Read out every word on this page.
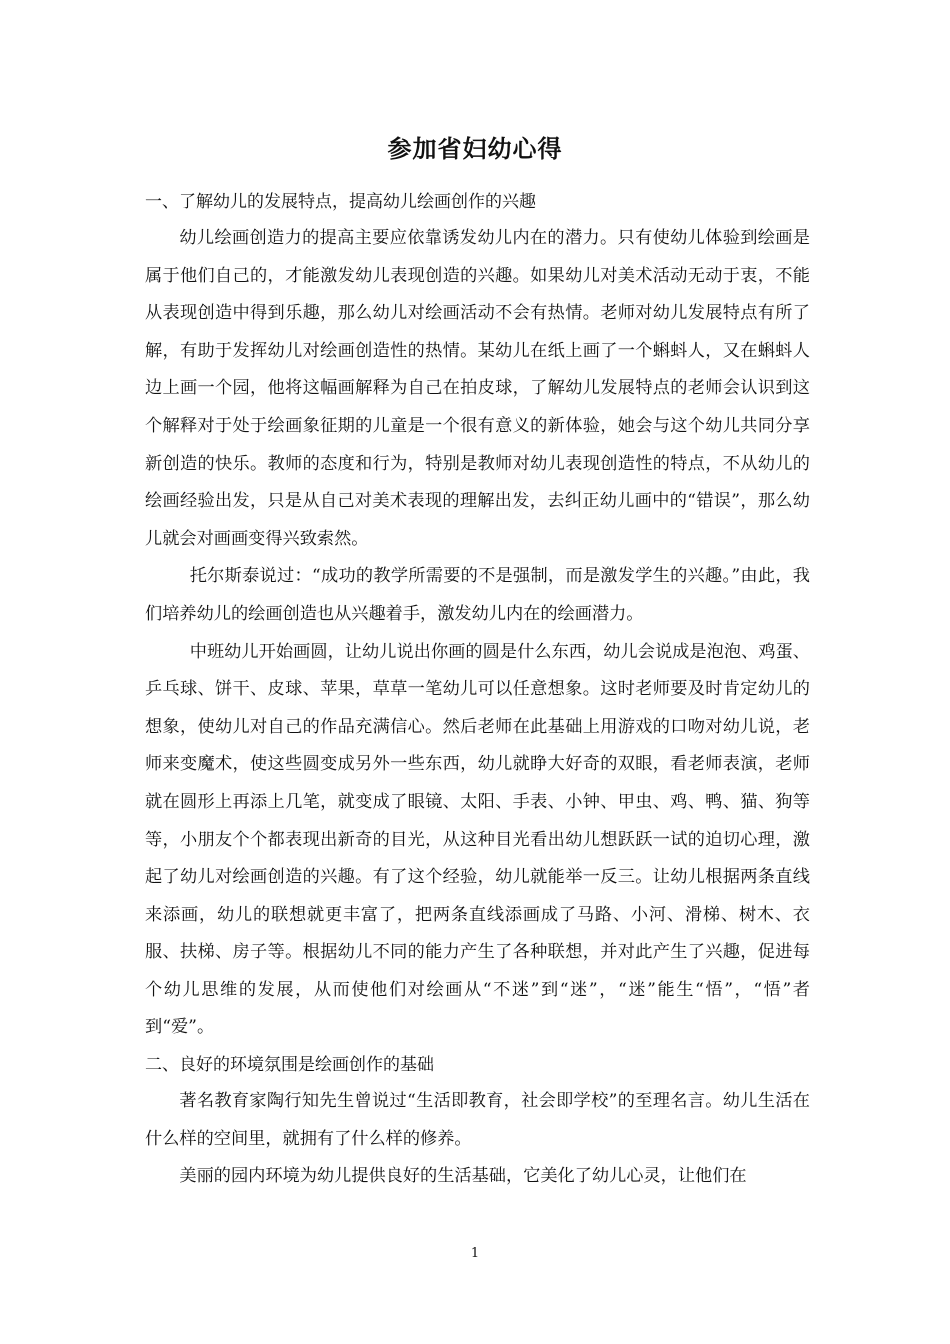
参加省妇幼心得

一、了解幼儿的发展特点，提高幼儿绘画创作的兴趣

幼儿绘画创造力的提高主要应依靠诱发幼儿内在的潜力。只有使幼儿体验到绘画是属于他们自己的，才能激发幼儿表现创造的兴趣。如果幼儿对美术活动无动于衷，不能从表现创造中得到乐趣，那么幼儿对绘画活动不会有热情。老师对幼儿发展特点有所了解，有助于发挥幼儿对绘画创造性的热情。某幼儿在纸上画了一个蝌蚪人，又在蝌蚪人边上画一个园，他将这幅画解释为自己在拍皮球，了解幼儿发展特点的老师会认识到这个解释对于处于绘画象征期的儿童是一个很有意义的新体验，她会与这个幼儿共同分享新创造的快乐。教师的态度和行为，特别是教师对幼儿表现创造性的特点，不从幼儿的绘画经验出发，只是从自己对美术表现的理解出发，去纠正幼儿画中的“错误”，那么幼儿就会对画画变得兴致索然。

托尔斯泰说过：“成功的教学所需要的不是强制，而是激发学生的兴趣。”由此，我们培养幼儿的绘画创造也从兴趣着手，激发幼儿内在的绘画潜力。

中班幼儿开始画圆，让幼儿说出你画的圆是什么东西，幼儿会说成是泡泡、鸡蛋、乒乓球、饼干、皮球、苹果，草草一笔幼儿可以任意想象。这时老师要及时肯定幼儿的想象，使幼儿对自己的作品充满信心。然后老师在此基础上用游戏的口吻对幼儿说，老师来变魔术，使这些圆变成另外一些东西，幼儿就睁大好奇的双眼，看老师表演，老师就在圆形上再添上几笔，就变成了眼镜、太阳、手表、小钟、甲虫、鸡、鸭、猫、狗等等，小朋友个个都表现出新奇的目光，从这种目光看出幼儿想跃跃一试的迫切心理，激起了幼儿对绘画创造的兴趣。有了这个经验，幼儿就能举一反三。让幼儿根据两条直线来添画，幼儿的联想就更丰富了，把两条直线添画成了马路、小河、滑梯、树木、衣服、扶梯、房子等。根据幼儿不同的能力产生了各种联想，并对此产生了兴趣，促进每个幼儿思维的发展，从而使他们对绘画从“不迷”到“迷”，“迷”能生“悟”，“悟”者到“爱”。

二、良好的环境氛围是绘画创作的基础

著名教育家陶行知先生曾说过“生活即教育，社会即学校”的至理名言。幼儿生活在什么样的空间里，就拥有了什么样的修养。

美丽的园内环境为幼儿提供良好的生活基础，它美化了幼儿心灵，让他们在

1
